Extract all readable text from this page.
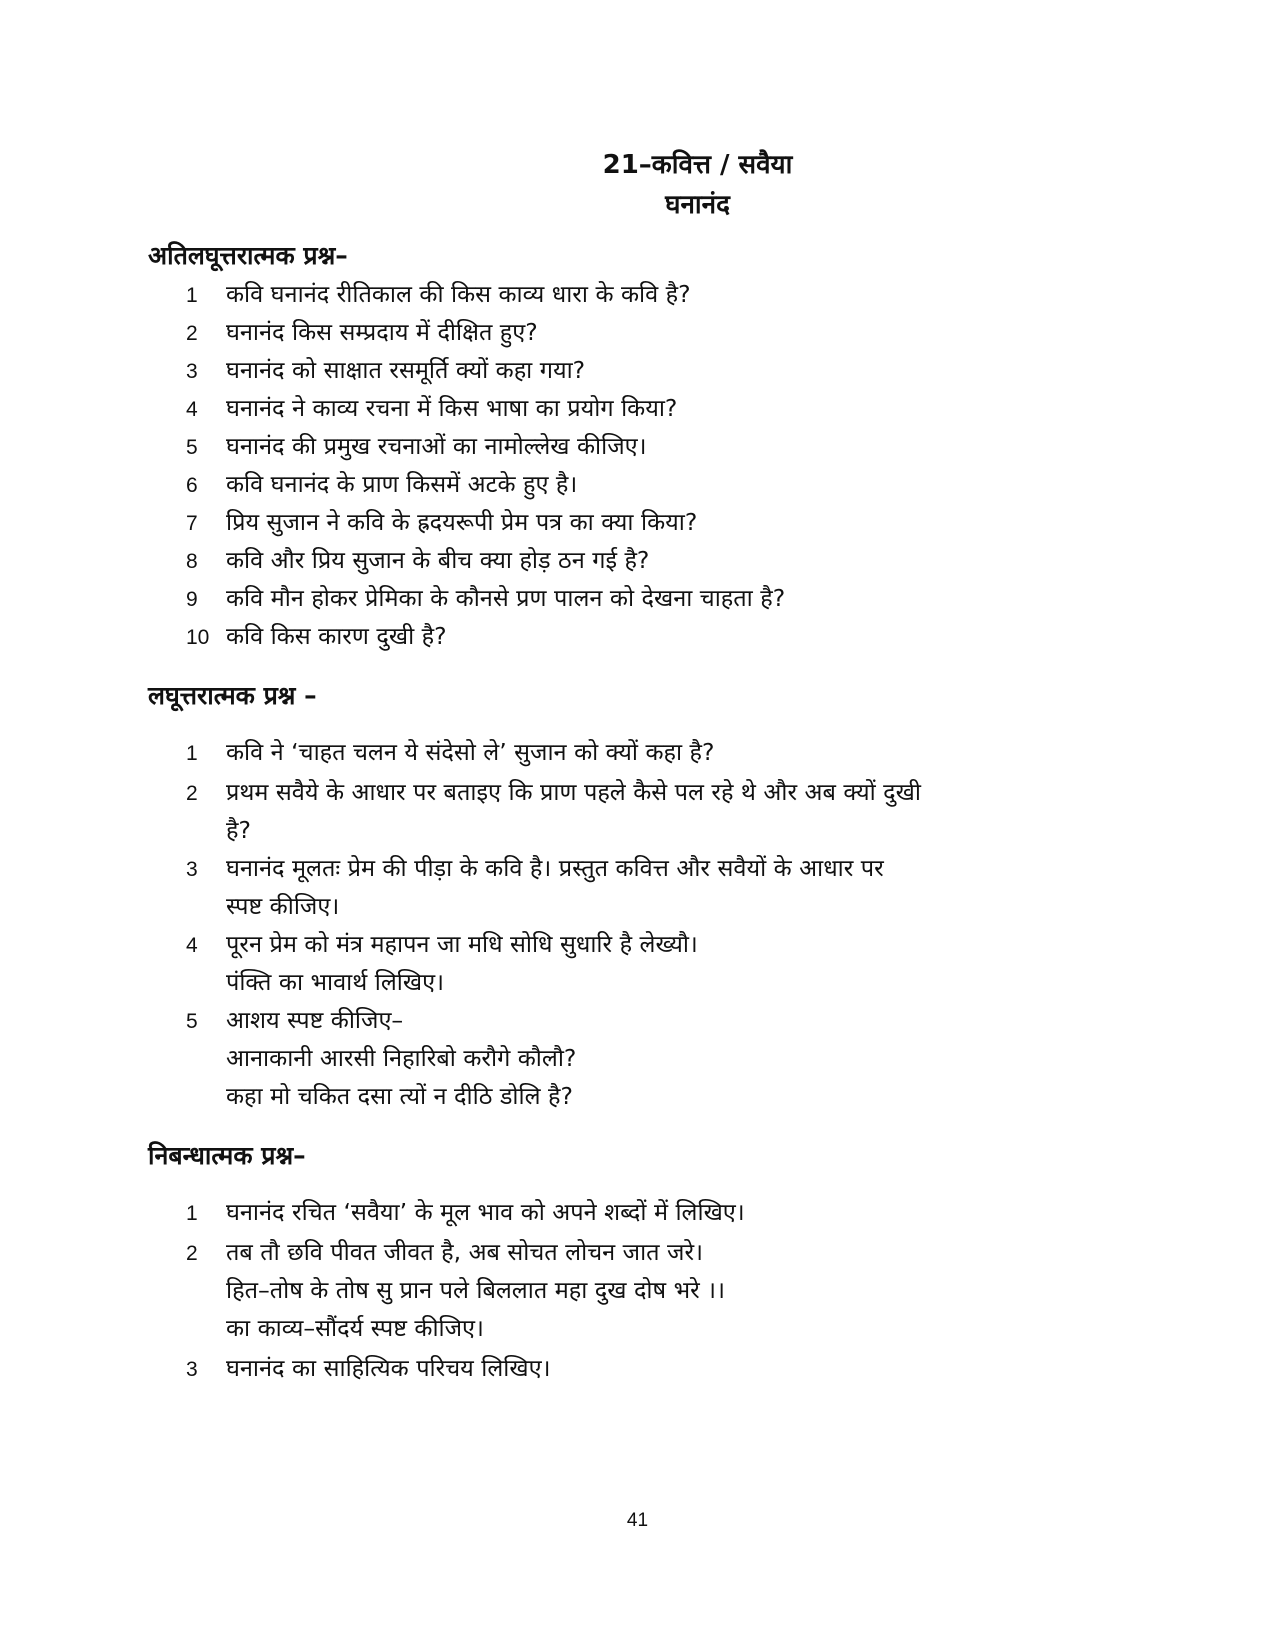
21–कवित्त / सवैया
घनानंद
अतिलघूत्तरात्मक प्रश्न–
1 कवि घनानंद रीतिकाल की किस काव्य धारा के कवि है?
2 घनानंद किस सम्प्रदाय में दीक्षित हुए?
3 घनानंद को साक्षात रसमूर्ति क्यों कहा गया?
4 घनानंद ने काव्य रचना में किस भाषा का प्रयोग किया?
5 घनानंद की प्रमुख रचनाओं का नामोल्लेख कीजिए।
6 कवि घनानंद के प्राण किसमें अटके हुए है।
7 प्रिय सुजान ने कवि के ह्रदयरूपी प्रेम पत्र का क्या किया?
8 कवि और प्रिय सुजान के बीच क्या होड़ ठन गई है?
9 कवि मौन होकर प्रेमिका के कौनसे प्रण पालन को देखना चाहता है?
10 कवि किस कारण दुखी है?
लघूत्तरात्मक प्रश्न –
1 कवि ने ‘चाहत चलन ये संदेसो ले’ सुजान को क्यों कहा है?
2 प्रथम सवैये के आधार पर बताइए कि प्राण पहले कैसे पल रहे थे और अब क्यों दुखी
है?
3 घनानंद मूलतः प्रेम की पीड़ा के कवि है। प्रस्तुत कवित्त और सवैयों के आधार पर
स्पष्ट कीजिए।
4 पूरन प्रेम को मंत्र महापन जा मधि सोधि सुधारि है लेख्यौ।
पंक्ति का भावार्थ लिखिए।
5 आशय स्पष्ट कीजिए–
आनाकानी आरसी निहारिबो करौगे कौलौ?
कहा मो चकित दसा त्यों न दीठि डोलि है?
निबन्धात्मक प्रश्न–
1 घनानंद रचित ‘सवैया’ के मूल भाव को अपने शब्दों में लिखिए।
2 तब तौ छवि पीवत जीवत है, अब सोचत लोचन जात जरे।
हित–तोष के तोष सु प्रान पले बिललात महा दुख दोष भरे ।।
का काव्य–सौंदर्य स्पष्ट कीजिए।
3 घनानंद का साहित्यिक परिचय लिखिए।
41
